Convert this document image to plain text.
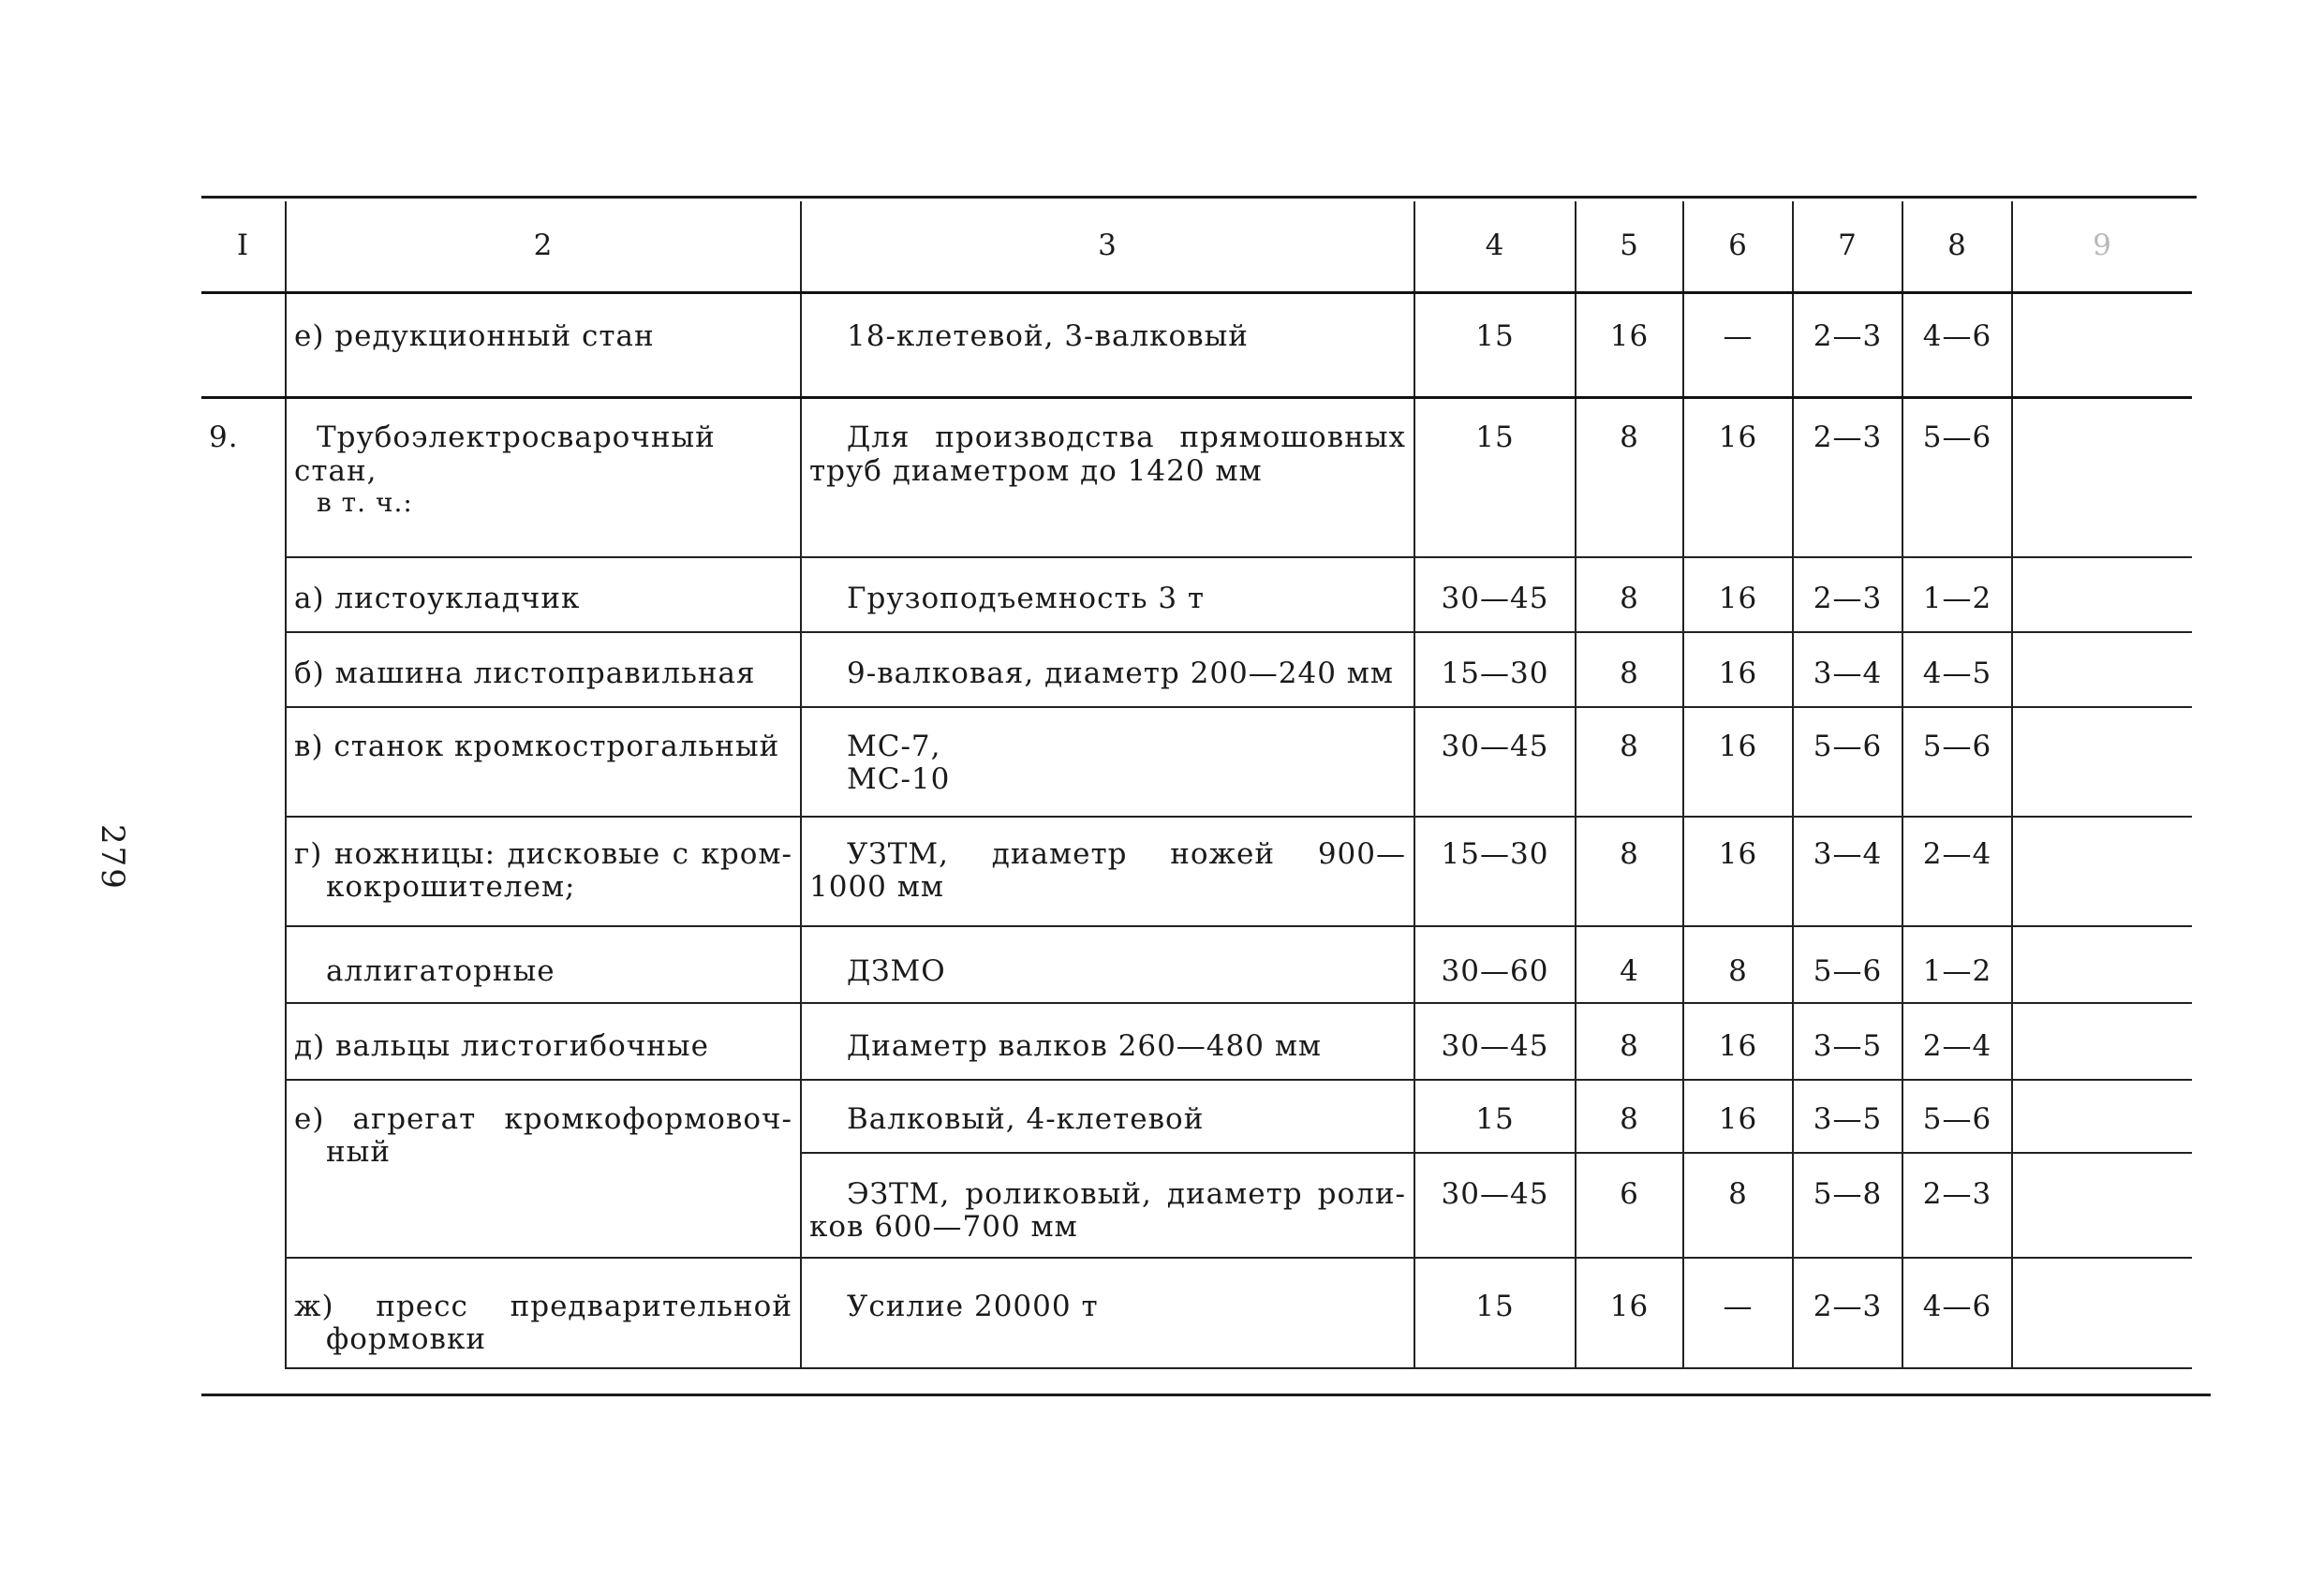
279
I	2	3	4	5	6	7	8	9
	е) редукционный стан	18-клетевой, 3-валковый	15	16	—	2—3	4—6	
9.	Трубоэлектросварочный
стан,
в т. ч.:	Для производства прямошовных
труб диаметром до 1420 мм	15	8	16	2—3	5—6	
	а) листоукладчик	Грузоподъемность 3 т	30—45	8	16	2—3	1—2	
	б) машина листоправильная	9-валковая, диаметр 200—240 мм	15—30	8	16	3—4	4—5	
	в) станок кромкострогальный	МС-7,
МС-10	30—45	8	16	5—6	5—6	

	г) ножницы: дисковые с кром-
кокрошителем;	УЗТМ, диаметр ножей 900—
1000 мм	15—30	8	16	3—4	2—4	

	аллигаторные	ДЗМО	30—60	4	8	5—6	1—2	
	д) вальцы листогибочные	Диаметр валков 260—480 мм	30—45	8	16	3—5	2—4	

	е) агрегат кромкоформовоч-
ный	Валковый, 4-клетевой	15	8	16	3—5	5—6	

		ЭЗТМ, роликовый, диаметр роли-
ков 600—700 мм	30—45	6	8	5—8	2—3	

	ж) пресс предварительной
формовки	Усилие 20000 т	15	16	—	2—3	4—6	
